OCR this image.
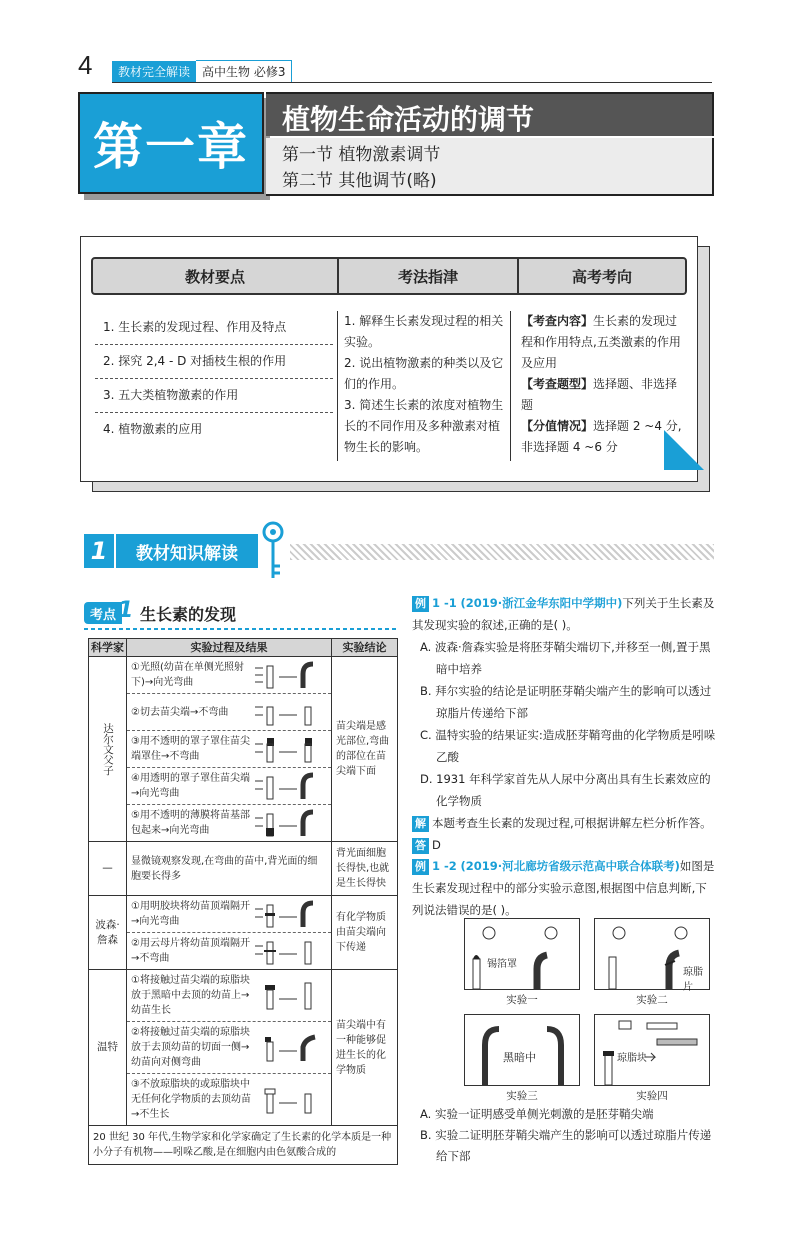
4	教材完全解读	高中生物 必修3
第一章	植物生命活动的调节
第一节 植物激素调节
第二节 其他调节(略)
教材要点	考法指津	高考考向
1. 生长素的发现过程、作用及特点
2. 探究 2,4 - D 对插枝生根的作用
3. 五大类植物激素的作用
4. 植物激素的应用
1. 解释生长素发现过程的相关实验。
2. 说出植物激素的种类以及它们的作用。
3. 简述生长素的浓度对植物生长的不同作用及多种激素对植物生长的影响。
【考查内容】生长素的发现过程和作用特点,五类激素的作用及应用
【考查题型】选择题、非选择题
【分值情况】选择题 2 ~4 分,非选择题 4 ~6 分
1	教材知识解读
考点 1 生长素的发现
科学家	实验过程及结果	实验结论
达尔文父子	①光照(幼苗在单侧光照射下)→向光弯曲
②切去苗尖端→不弯曲
③用不透明的罩子罩住苗尖端罩住→不弯曲
④用透明的罩子罩住苗尖端→向光弯曲
⑤用不透明的薄膜将苗基部包起来→向光弯曲	苗尖端是感光部位,弯曲的部位在苗尖端下面
—	显微镜观察发现,在弯曲的苗中,背光面的细胞要长得多	背光面细胞长得快,也就是生长得快
波森·詹森	①用明胶块将幼苗顶端隔开→向光弯曲
②用云母片将幼苗顶端隔开→不弯曲	有化学物质由苗尖端向下传递
温特	①将接触过苗尖端的琼脂块放于黑暗中去顶的幼苗上→幼苗生长
②将接触过苗尖端的琼脂块放于去顶幼苗的切面一侧→幼苗向对侧弯曲
③不放琼脂块的或琼脂块中无任何化学物质的去顶幼苗→不生长	苗尖端中有一种能够促进生长的化学物质
20 世纪 30 年代,生物学家和化学家确定了生长素的化学本质是一种小分子有机物——吲哚乙酸,是在细胞内由色氨酸合成的		
例 1 -1 (2019·浙江金华东阳中学期中)下列关于生长素及其发现实验的叙述,正确的是( )。
A. 波森·詹森实验是将胚芽鞘尖端切下,并移至一侧,置于黑暗中培养
B. 拜尔实验的结论是证明胚芽鞘尖端产生的影响可以透过琼脂片传递给下部
C. 温特实验的结果证实:造成胚芽鞘弯曲的化学物质是吲哚乙酸
D. 1931 年科学家首先从人尿中分离出具有生长素效应的化学物质
解 本题考查生长素的发现过程,可根据讲解左栏分析作答。
答 D
例 1 -2 (2019·河北廊坊省级示范高中联合体联考)如图是生长素发现过程中的部分实验示意图,根据图中信息判断,下列说法错误的是( )。
锡箔罩
实验一
琼脂片
实验二
黑暗中
实验三
琼脂块
实验四
A. 实验一证明感受单侧光刺激的是胚芽鞘尖端
B. 实验二证明胚芽鞘尖端产生的影响可以透过琼脂片传递给下部
